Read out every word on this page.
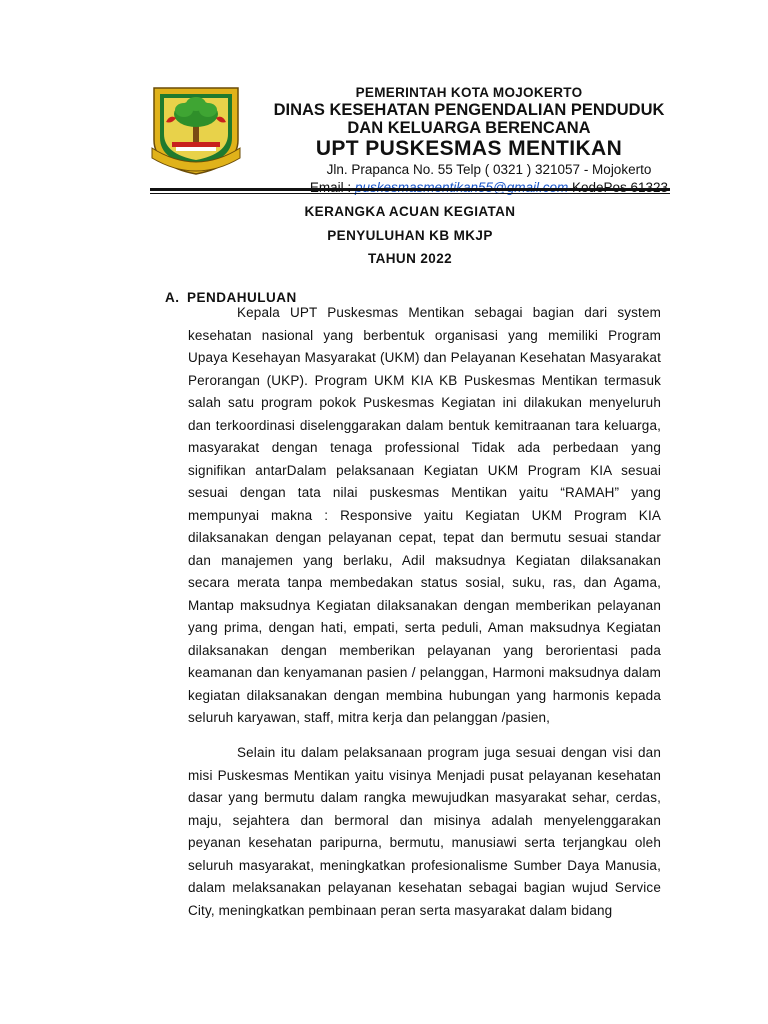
PEMERINTAH KOTA MOJOKERTO
DINAS KESEHATAN PENGENDALIAN PENDUDUK
DAN KELUARGA BERENCANA
UPT PUSKESMAS MENTIKAN
Jln. Prapanca No. 55 Telp ( 0321 ) 321057 - Mojokerto
KERANGKA ACUAN KEGIATAN
PENYULUHAN KB MKJP
TAHUN 2022
A. PENDAHULUAN
Kepala UPT Puskesmas Mentikan sebagai bagian dari system kesehatan nasional yang berbentuk organisasi yang memiliki Program Upaya Kesehayan Masyarakat (UKM) dan Pelayanan Kesehatan Masyarakat Perorangan (UKP). Program UKM KIA KB Puskesmas Mentikan termasuk salah satu program pokok Puskesmas Kegiatan ini dilakukan menyeluruh dan terkoordinasi diselenggarakan dalam bentuk kemitraanan tara keluarga, masyarakat dengan tenaga professional Tidak ada perbedaan yang signifikan antarDalam pelaksanaan Kegiatan UKM Program KIA sesuai sesuai dengan tata nilai puskesmas Mentikan yaitu “RAMAH” yang mempunyai makna : Responsive yaitu Kegiatan UKM Program KIA dilaksanakan dengan pelayanan cepat, tepat dan bermutu sesuai standar dan manajemen yang berlaku, Adil maksudnya Kegiatan dilaksanakan secara merata tanpa membedakan status sosial, suku, ras, dan Agama, Mantap maksudnya Kegiatan dilaksanakan dengan memberikan pelayanan yang prima, dengan hati, empati, serta peduli, Aman maksudnya Kegiatan dilaksanakan dengan memberikan pelayanan yang berorientasi pada keamanan dan kenyamanan pasien / pelanggan, Harmoni maksudnya dalam kegiatan dilaksanakan dengan membina hubungan yang harmonis kepada seluruh karyawan, staff, mitra kerja dan pelanggan /pasien,
Selain itu dalam pelaksanaan program juga sesuai dengan visi dan misi Puskesmas Mentikan yaitu visinya Menjadi pusat pelayanan kesehatan dasar yang bermutu dalam rangka mewujudkan masyarakat sehar, cerdas, maju, sejahtera dan bermoral dan misinya adalah menyelenggarakan peyanan kesehatan paripurna, bermutu, manusiawi serta terjangkau oleh seluruh masyarakat, meningkatkan profesionalisme Sumber Daya Manusia, dalam melaksanakan pelayanan kesehatan sebagai bagian wujud Service City, meningkatkan pembinaan peran serta masyarakat dalam bidang
